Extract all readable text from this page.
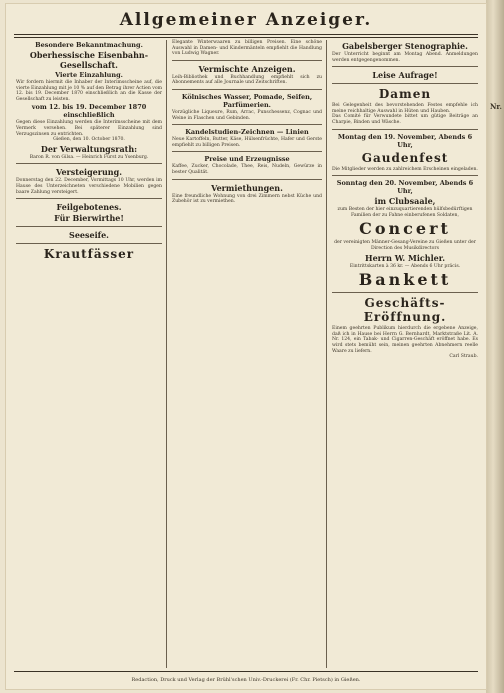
Nr.
Allgemeiner Anzeiger.

Besondere Bekanntmachung.

Oberhessische Eisenbahn-Gesellschaft.

Vierte Einzahlung.

Wir fordern hiermit die Inhaber der Interimsscheine auf, die vierte Einzahlung mit je 10 % auf den Betrag ihrer Actien vom 12. bis 19. December 1870 einschließlich an die Kasse der Gesellschaft zu leisten.

vom 12. bis 19. December 1870 einschließlich

Gegen diese Einzahlung werden die Interimsscheine mit dem Vermerk versehen. Bei späterer Einzahlung sind Verzugszinsen zu entrichten.

Gießen, den 10. October 1870.

Der Verwaltungsrath:

Baron R. von Gilsa. — Heinrich Fürst zu Ysenburg.

Versteigerung.

Donnerstag den 22. December, Vormittags 10 Uhr, werden im Hause des Unterzeichneten verschiedene Mobilien gegen baare Zahlung versteigert.

Feilgebotenes.

Für Bierwirthe!

Seeseife.

Krautfässer

Elegante Winterwaaren zu billigen Preisen. Eine schöne Auswahl in Damen- und Kindermänteln empfiehlt die Handlung von Ludwig Wagner.

Vermischte Anzeigen.

Leih-Bibliothek und Buchhandlung empfiehlt sich zu Abonnements auf alle Journale und Zeitschriften.

Kölnisches Wasser, Pomade, Seifen, Parfümerien.

Vorzügliche Liqueure, Rum, Arrac, Punschessenz, Cognac und Weine in Flaschen und Gebinden.

Kandelstudien-Zeichnen — Linien

Neue Kartoffeln, Butter, Käse, Hülsenfrüchte, Hafer und Gerste empfiehlt zu billigen Preisen.

Preise und Erzeugnisse

Kaffee, Zucker, Chocolade, Thee, Reis, Nudeln, Gewürze in bester Qualität.

Vermiethungen.

Eine freundliche Wohnung von drei Zimmern nebst Küche und Zubehör ist zu vermiethen.

Gabelsberger Stenographie.

Der Unterricht beginnt am Montag Abend. Anmeldungen werden entgegengenommen.

Leise Aufrage!

Damen

Bei Gelegenheit des bevorstehenden Festes empfehle ich meine reichhaltige Auswahl in Hüten und Hauben.

Das Comité für Verwundete bittet um gütige Beiträge an Charpie, Binden und Wäsche.

Montag den 19. November, Abends 6 Uhr,

Gaudenfest

Die Mitglieder werden zu zahlreichem Erscheinen eingeladen.

Sonntag den 20. November, Abends 6 Uhr,

im Clubsaale,

zum Besten der hier einzuquartierenden hülfsbedürftigen Familien der zu Fahne einberufenen Soldaten,

Concert

der vereinigten Männer-Gesang-Vereine zu Gießen unter der Direction des Musikdirectors

Herrn W. Michler.

Eintrittskarten à 36 kr. — Abends 6 Uhr präcis.

Bankett

Geschäfts-Eröffnung.

Einem geehrten Publikum hierdurch die ergebene Anzeige, daß ich in Hause bei Herrn G. Bernhardt, Marktstraße Lit. A. Nr. 124, ein Tabak- und Cigarren-Geschäft eröffnet habe. Es wird stets bemüht sein, meinen geehrten Abnehmern reelle Waare zu liefern.

Carl Straub.

Redaction, Druck und Verlag der Brühl'schen Univ.-Druckerei (Fr. Chr. Pietsch) in Gießen.
